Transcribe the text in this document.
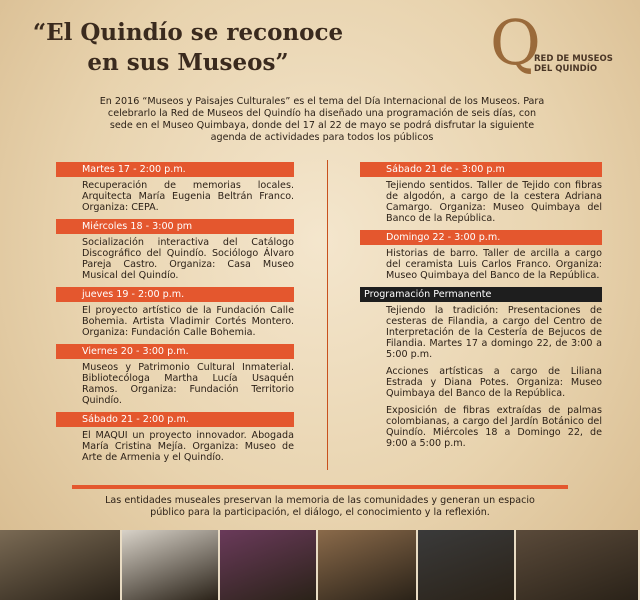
“El Quindío se reconoce
en sus Museos”	Q
RED DE MUSEOS
DEL QUINDÍO
En 2016 “Museos y Paisajes Culturales” es el tema del Día Internacional de los Museos. Para celebrarlo la Red de Museos del Quindío ha diseñado una programación de seis días, con sede en el Museo Quimbaya, donde del 17 al 22 de mayo se podrá disfrutar la siguiente agenda de actividades para todos los públicos
Martes 17 - 2:00 p.m.
Recuperación de memorias locales. Arquitecta María Eugenia Beltrán Franco. Organiza: CEPA.
Miércoles 18 - 3:00 pm
Socialización interactiva del Catálogo Discográfico del Quindío. Sociólogo Álvaro Pareja Castro. Organiza: Casa Museo Musical del Quindío.
jueves 19 - 2:00 p.m.
El proyecto artístico de la Fundación Calle Bohemia. Artista Vladimir Cortés Montero. Organiza: Fundación Calle Bohemia.
Viernes 20 - 3:00 p.m.
Museos y Patrimonio Cultural Inmaterial. Bibliotecóloga Martha Lucía Usaquén Ramos. Organiza: Fundación Territorio Quindío.
Sábado 21 - 2:00 p.m.
El MAQUI un proyecto innovador. Abogada María Cristina Mejía. Organiza: Museo de Arte de Armenia y el Quindío.
Sábado 21 de - 3:00 p.m
Tejiendo sentidos. Taller de Tejido con fibras de algodón, a cargo de la cestera Adriana Camargo. Organiza: Museo Quimbaya del Banco de la República.
Domingo 22 - 3:00 p.m.
Historias de barro. Taller de arcilla a cargo del ceramista Luis Carlos Franco. Organiza: Museo Quimbaya del Banco de la República.
Programación Permanente
Tejiendo la tradición: Presentaciones de cesteras de Filandia, a cargo del Centro de Interpretación de la Cestería de Bejucos de Filandia. Martes 17 a domingo 22, de 3:00 a 5:00 p.m.
Acciones artísticas a cargo de Liliana Estrada y Diana Potes. Organiza: Museo Quimbaya del Banco de la República.
Exposición de fibras extraídas de palmas colombianas, a cargo del Jardín Botánico del Quindío. Miércoles 18 a Domingo 22, de 9:00 a 5:00 p.m.
Las entidades museales preservan la memoria de las comunidades y generan un espacio público para la participación, el diálogo, el conocimiento y la reflexión.
